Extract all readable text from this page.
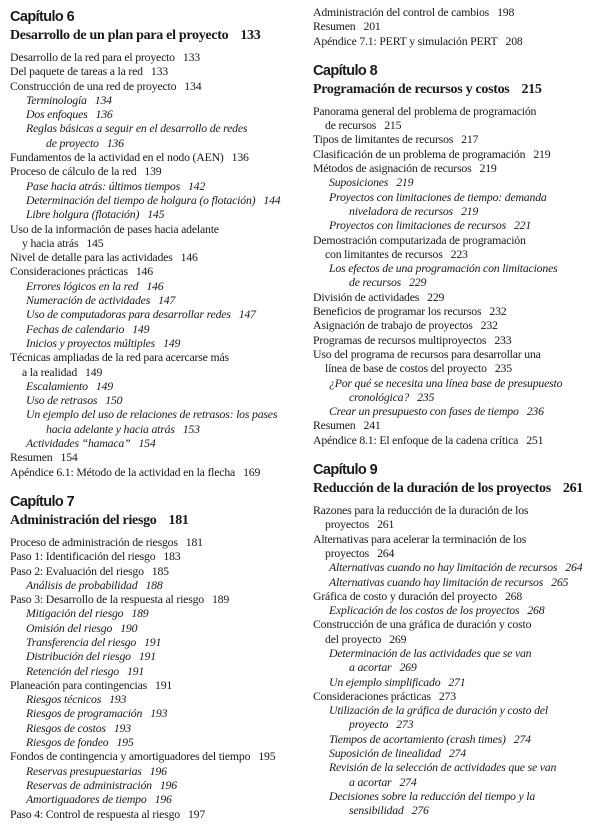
Capítulo 6
Desarrollo de un plan para el proyecto 133
Desarrollo de la red para el proyecto 133
Del paquete de tareas a la red 133
Construcción de una red de proyecto 134
Terminología 134
Dos enfoques 136
Reglas básicas a seguir en el desarrollo de redes
de proyecto 136
Fundamentos de la actividad en el nodo (AEN) 136
Proceso de cálculo de la red 139
Pase hacia atrás: últimos tiempos 142
Determinación del tiempo de holgura (o flotación) 144
Libre holgura (flotación) 145
Uso de la información de pases hacia adelante
y hacia atrás 145
Nivel de detalle para las actividades 146
Consideraciones prácticas 146
Errores lógicos en la red 146
Numeración de actividades 147
Uso de computadoras para desarrollar redes 147
Fechas de calendario 149
Inicios y proyectos múltiples 149
Técnicas ampliadas de la red para acercarse más
a la realidad 149
Escalamiento 149
Uso de retrasos 150
Un ejemplo del uso de relaciones de retrasos: los pases
hacia adelante y hacia atrás 153
Actividades “hamaca” 154
Resumen 154
Apéndice 6.1: Método de la actividad en la flecha 169
Capítulo 7
Administración del riesgo 181
Proceso de administración de riesgos 181
Paso 1: Identificación del riesgo 183
Paso 2: Evaluación del riesgo 185
Análisis de probabilidad 188
Paso 3: Desarrollo de la respuesta al riesgo 189
Mitigación del riesgo 189
Omisión del riesgo 190
Transferencia del riesgo 191
Distribución del riesgo 191
Retención del riesgo 191
Planeación para contingencias 191
Riesgos técnicos 193
Riesgos de programación 193
Riesgos de costos 193
Riesgos de fondeo 195
Fondos de contingencia y amortiguadores del tiempo 195
Reservas presupuestarias 196
Reservas de administración 196
Amortiguadores de tiempo 196
Paso 4: Control de respuesta al riesgo 197
Administración del control de cambios 198
Resumen 201
Apéndice 7.1: PERT y simulación PERT 208
Capítulo 8
Programación de recursos y costos 215
Panorama general del problema de programación
de recursos 215
Tipos de limitantes de recursos 217
Clasificación de un problema de programación 219
Métodos de asignación de recursos 219
Suposiciones 219
Proyectos con limitaciones de tiempo: demanda
niveladora de recursos 219
Proyectos con limitaciones de recursos 221
Demostración computarizada de programación
con limitantes de recursos 223
Los efectos de una programación con limitaciones
de recursos 229
División de actividades 229
Beneficios de programar los recursos 232
Asignación de trabajo de proyectos 232
Programas de recursos multiproyectos 233
Uso del programa de recursos para desarrollar una
línea de base de costos del proyecto 235
¿Por qué se necesita una línea base de presupuesto
cronológica? 235
Crear un presupuesto con fases de tiempo 236
Resumen 241
Apéndice 8.1: El enfoque de la cadena crítica 251
Capítulo 9
Reducción de la duración de los proyectos 261
Razones para la reducción de la duración de los
proyectos 261
Alternativas para acelerar la terminación de los
proyectos 264
Alternativas cuando no hay limitación de recursos 264
Alternativas cuando hay limitación de recursos 265
Gráfica de costo y duración del proyecto 268
Explicación de los costos de los proyectos 268
Construcción de una gráfica de duración y costo
del proyecto 269
Determinación de las actividades que se van
a acortar 269
Un ejemplo simplificado 271
Consideraciones prácticas 273
Utilización de la gráfica de duración y costo del
proyecto 273
Tiempos de acortamiento (crash times) 274
Suposición de linealidad 274
Revisión de la selección de actividades que se van
a acortar 274
Decisiones sobre la reducción del tiempo y la
sensibilidad 276
